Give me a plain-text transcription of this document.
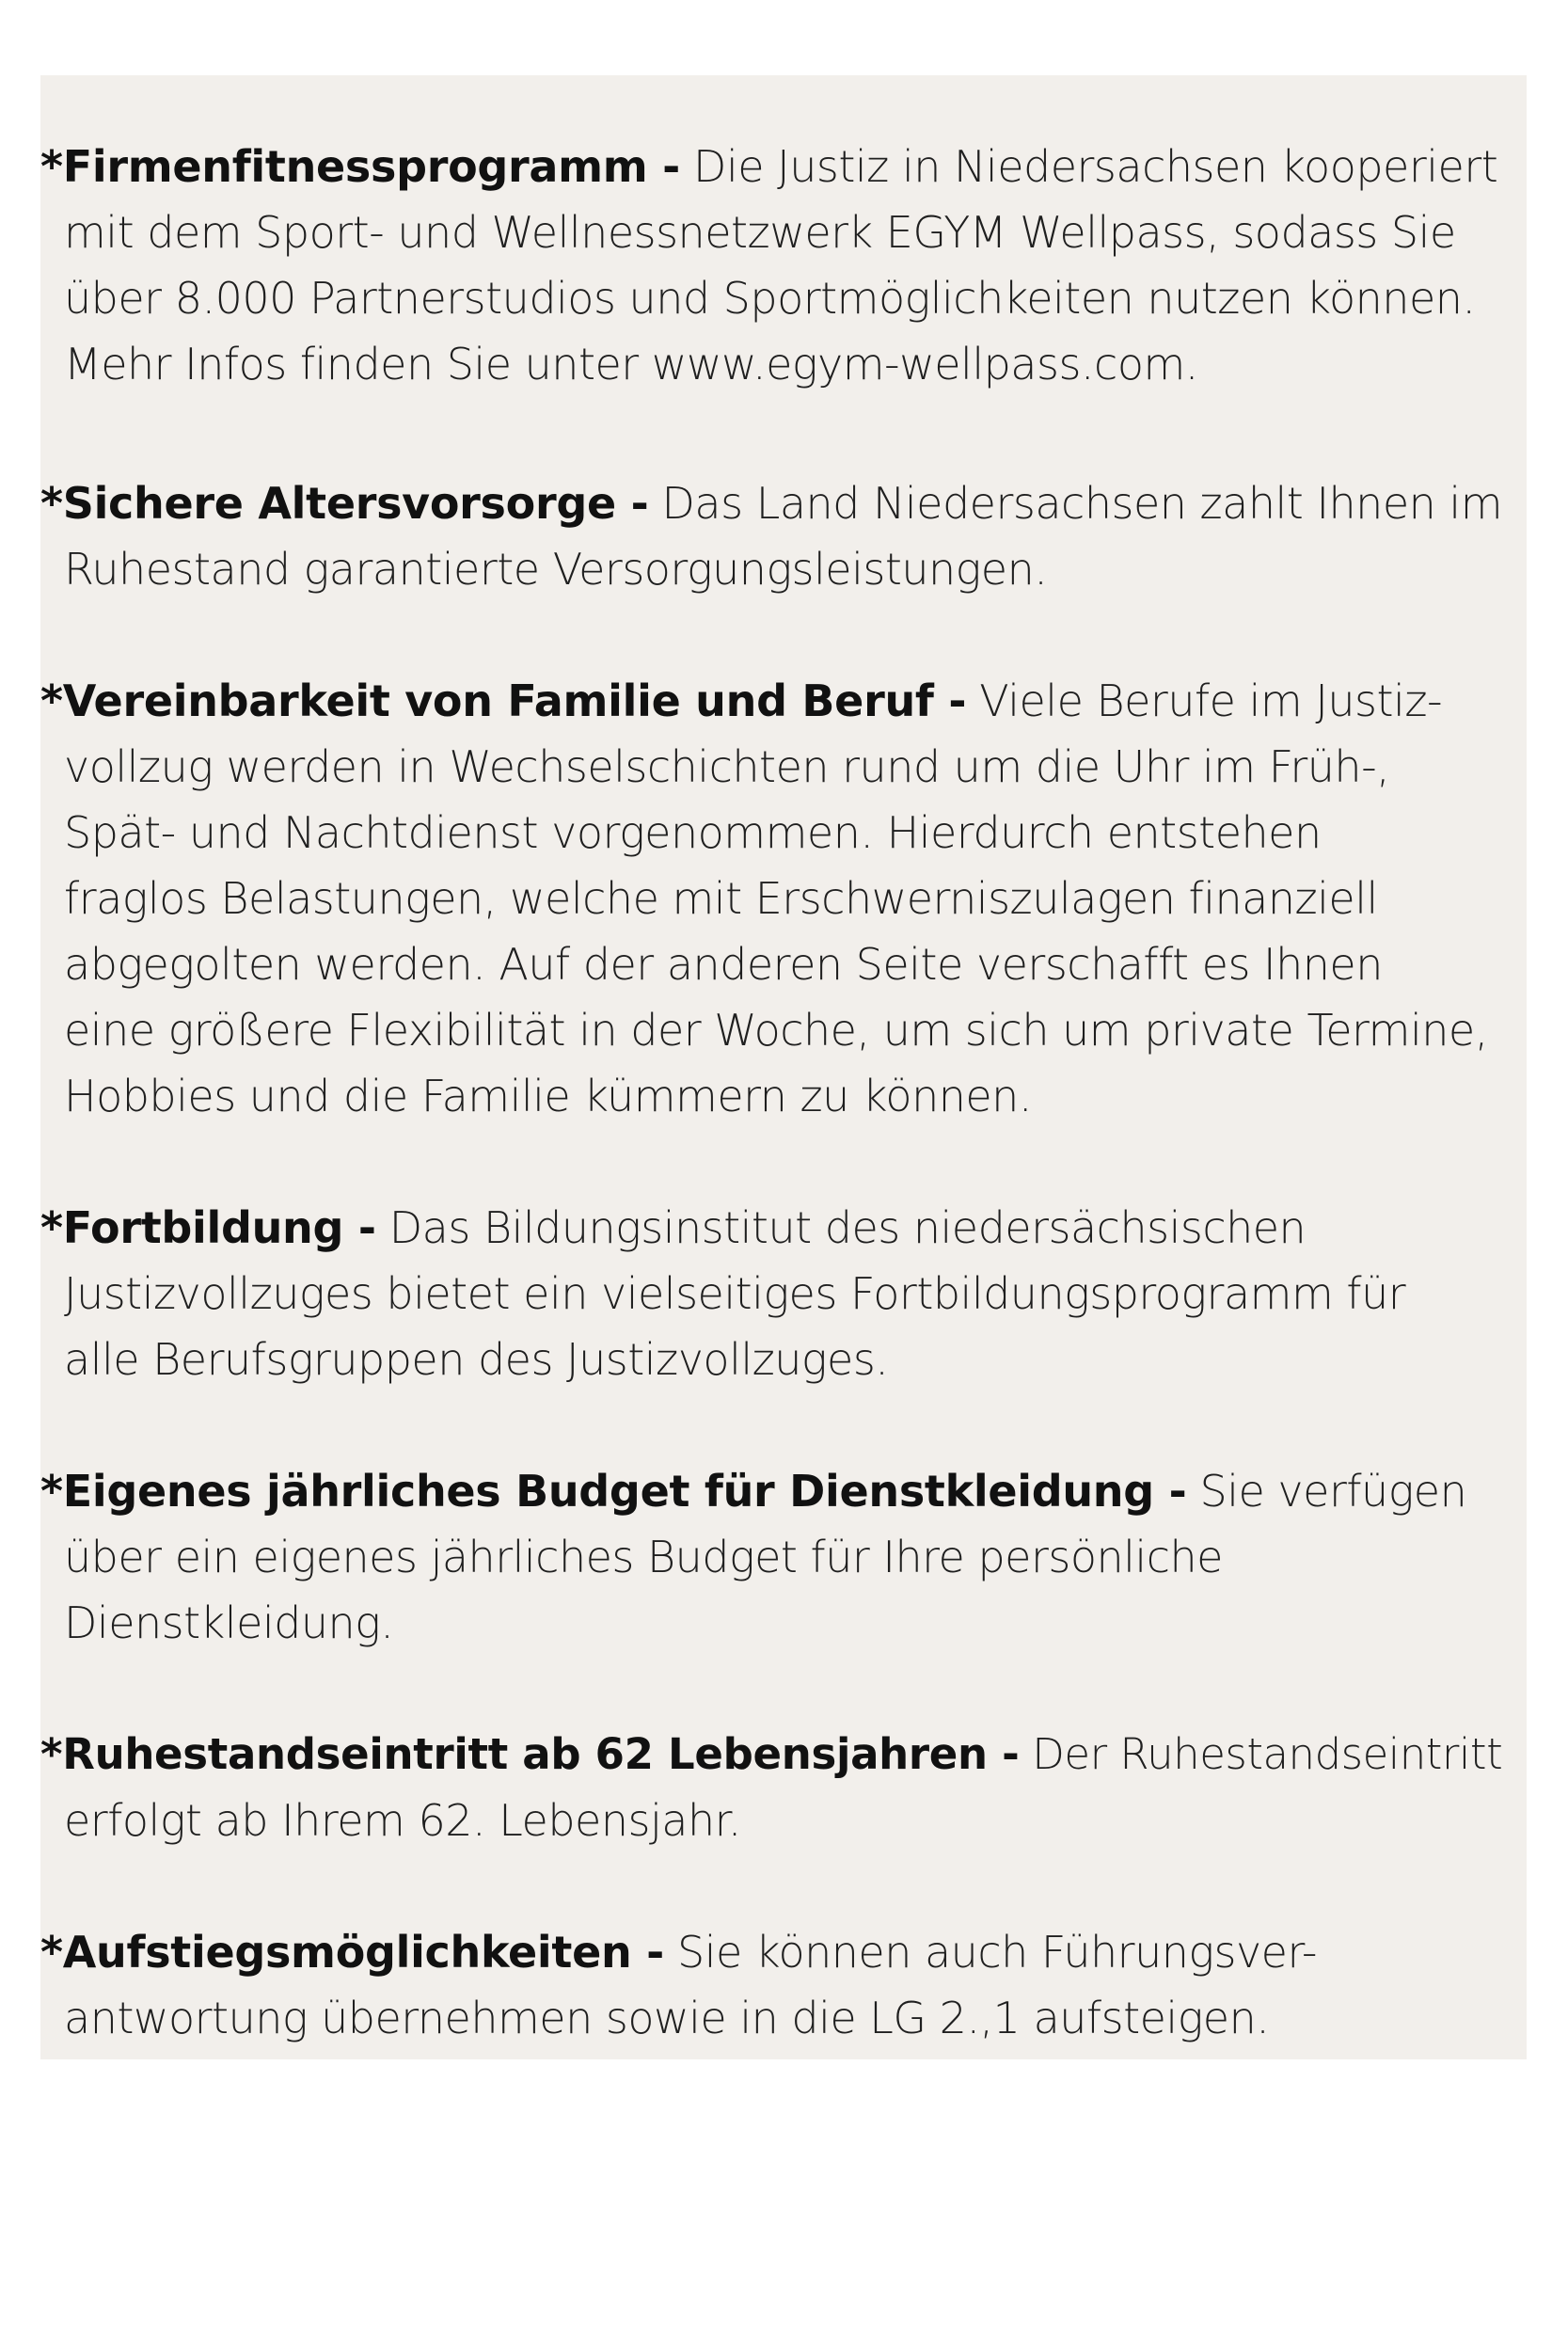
*Firmenfitnessprogramm - Die Justiz in Niedersachsen kooperiert
mit dem Sport- und Wellnessnetzwerk EGYM Wellpass, sodass Sie
über 8.000 Partnerstudios und Sportmöglichkeiten nutzen können.
Mehr Infos finden Sie unter www.egym-wellpass.com.
*Sichere Altersvorsorge - Das Land Niedersachsen zahlt Ihnen im
Ruhestand garantierte Versorgungsleistungen.
*Vereinbarkeit von Familie und Beruf - Viele Berufe im Justiz-
vollzug werden in Wechselschichten rund um die Uhr im Früh-,
Spät- und Nachtdienst vorgenommen. Hierdurch entstehen
fraglos Belastungen, welche mit Erschwerniszulagen finanziell
abgegolten werden. Auf der anderen Seite verschafft es Ihnen
eine größere Flexibilität in der Woche, um sich um private Termine,
Hobbies und die Familie kümmern zu können.
*Fortbildung - Das Bildungsinstitut des niedersächsischen
Justizvollzuges bietet ein vielseitiges Fortbildungsprogramm für
alle Berufsgruppen des Justizvollzuges.
*Eigenes jährliches Budget für Dienstkleidung - Sie verfügen
über ein eigenes jährliches Budget für Ihre persönliche
Dienstkleidung.
*Ruhestandseintritt ab 62 Lebensjahren - Der Ruhestandseintritt
erfolgt ab Ihrem 62. Lebensjahr.
*Aufstiegsmöglichkeiten - Sie können auch Führungsver-
antwortung übernehmen sowie in die LG 2.,1 aufsteigen.
